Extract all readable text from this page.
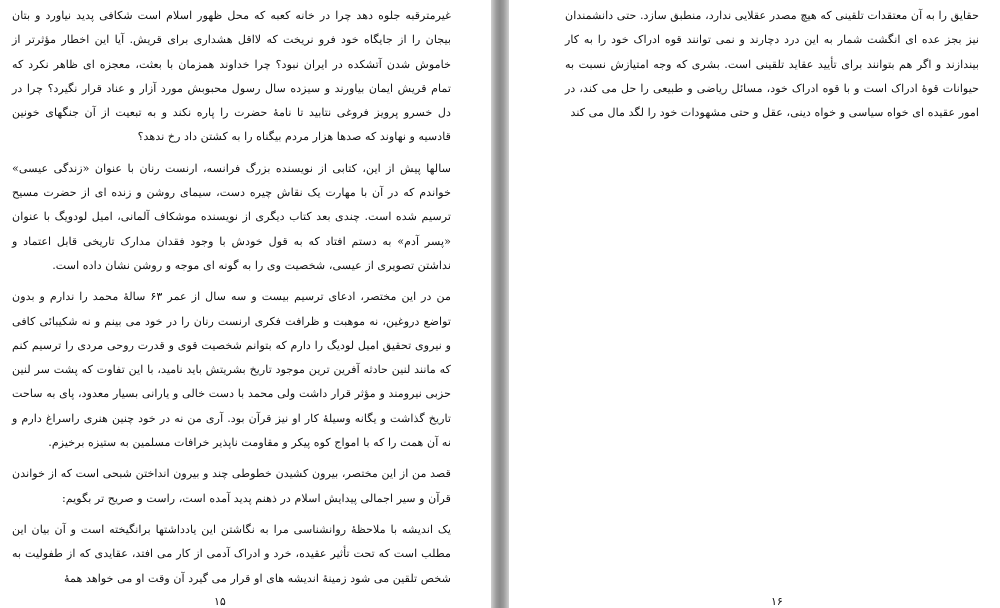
غیرمترقبه جلوه دهد چرا در خانه کعبه که محل ظهور اسلام است شکافی پدید نیاورد و بتان بیجان را از جایگاه خود فرو نریخت که لااقل هشداری برای قریش. آیا این اخطار مؤثرتر از خاموش شدن آتشکده در ایران نبود؟ چرا خداوند همزمان با بعثت، معجزه ای ظاهر نکرد که تمام قریش ایمان بیاورند و سیزده سال رسول محبوبش مورد آزار و عناد قرار نگیرد؟ چرا در دل خسرو پرویز فروغی نتابید تا نامهٔ حضرت را پاره نکند و به تبعیت از آن جنگهای خونین قادسیه و نهاوند که صدها هزار مردم بیگناه را به کشتن داد رخ ندهد؟

سالها پیش از این، کتابی از نویسنده بزرگ فرانسه، ارنست رنان با عنوان «زندگی عیسی» خواندم که در آن با مهارت یک نقاش چیره دست، سیمای روشن و زنده ای از حضرت مسیح ترسیم شده است. چندی بعد کتاب دیگری از نویسنده موشکاف آلمانی، امیل لودویگ با عنوان «پسر آدم» به دستم افتاد که به قول خودش با وجود فقدان مدارک تاریخی قابل اعتماد و نداشتن تصویری از عیسی، شخصیت وی را به گونه ای موجه و روشن نشان داده است.

من در این مختصر، ادعای ترسیم بیست و سه سال از عمر ۶۳ سالهٔ محمد را ندارم و بدون تواضع دروغین، نه موهبت و ظرافت فکری ارنست رنان را در خود می بینم و نه شکیبائی کافی و نیروی تحقیق امیل لودیگ را دارم که بتوانم شخصیت قوی و قدرت روحی مردی را ترسیم کنم که مانند لنین حادثه آفرین ترین موجود تاریخ بشریتش باید نامید، با این تفاوت که پشت سر لنین حزبی نیرومند و مؤثر قرار داشت ولی محمد با دست خالی و یارانی بسیار معدود، پای به ساحت تاریخ گذاشت و یگانه وسیلهٔ کار او نیز قرآن بود. آری من نه در خود چنین هنری راسراغ دارم و نه آن همت را که با امواج کوه پیکر و مقاومت ناپذیر خرافات مسلمین به ستیزه برخیزم.

قصد من از این مختصر، بیرون کشیدن خطوطی چند و بیرون انداختن شبحی است که از خواندن قرآن و سیر اجمالی پیدایش اسلام در ذهنم پدید آمده است، راست و صریح تر بگویم:

یک اندیشه با ملاحظهٔ روانشناسی مرا به نگاشتن این یادداشتها برانگیخته است و آن بیان این مطلب است که تحت تأثیر عقیده، خرد و ادراک آدمی از کار می افتد، عقایدی که از طفولیت به شخص تلقین می شود زمینهٔ اندیشه های او قرار می گیرد آن وقت او می خواهد همهٔ

۱۵

حقایق را به آن معتقدات تلقینی که هیچ مصدر عقلایی ندارد، منطبق سازد. حتی دانشمندان نیز بجز عده ای انگشت شمار به این درد دچارند و نمی توانند قوه ادراک خود را به کار بیندازند و اگر هم بتوانند برای تأیید عقاید تلقینی است. بشری که وجه امتیازش نسبت به حیوانات قوهٔ ادراک است و با قوه ادراک خود، مسائل ریاضی و طبیعی را حل می کند، در امور عقیده ای خواه سیاسی و خواه دینی، عقل و حتی مشهودات خود را لگد مال می کند

۱۶
